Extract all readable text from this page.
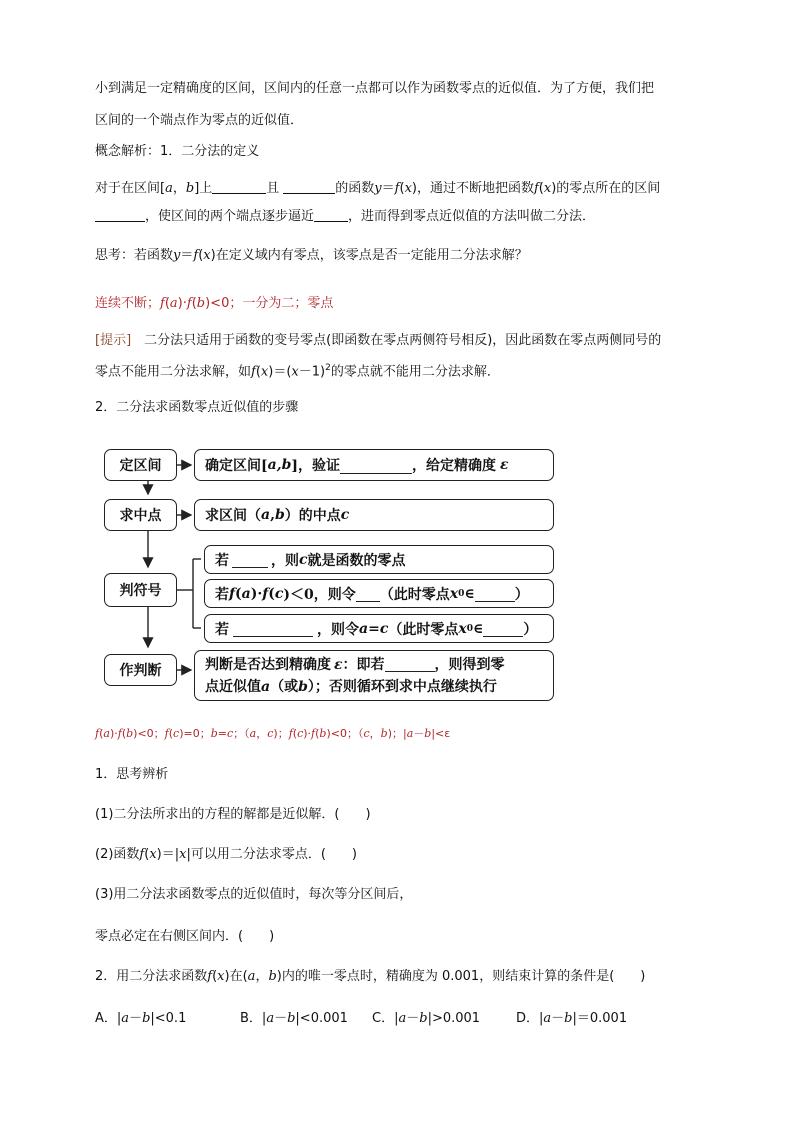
小到满足一定精确度的区间，区间内的任意一点都可以作为函数零点的近似值．为了方便，我们把
区间的一个端点作为零点的近似值．
概念解析：1．二分法的定义
对于在区间[a，b]上	且	的函数y＝f(x)，通过不断地把函数f(x)的零点所在的区间
，使区间的两个端点逐步逼近	，进而得到零点近似值的方法叫做二分法．
思考：若函数y＝f(x)在定义域内有零点，该零点是否一定能用二分法求解？
连续不断；f(a)·f(b)<0；一分为二；零点
[提示]　二分法只适用于函数的变号零点(即函数在零点两侧符号相反)，因此函数在零点两侧同号的
零点不能用二分法求解，如$f(x)=(x-1)^2$的零点就不能用二分法求解．
2．二分法求函数零点近似值的步骤
定区间
求中点
判符号
作判断
确定区间[ a,b ]，验证	，给定精确度 ε
求区间（ a , b ）的中点 c
若	，则 c 就是函数的零点
若 f ( a )· f ( c )＜0，则令 （此时零点 x 0 ∈	）
若	，则令 a = c （此时零点 x 0 ∈	）
判断是否达到精确度 ε：即若	，则得到零
点近似值a（或b）；否则循环到求中点继续执行
f(a)·f(b)<0；f(c)=0；b=c；（a，c)；f(c)·f(b)<0；（c，b)；|a－b|<ε
1．思考辨析
(1)二分法所求出的方程的解都是近似解．(　　)
(2)函数f(x)＝|x|可以用二分法求零点．(　　)
(3)用二分法求函数零点的近似值时，每次等分区间后，
零点必定在右侧区间内．(　　)
2．用二分法求函数f(x)在(a，b)内的唯一零点时，精确度为 0.001，则结束计算的条件是(　　)
A．|a－b|<0.1	B．|a－b|<0.001 C．|a－b|>0.001	D．|a－b|＝0.001
